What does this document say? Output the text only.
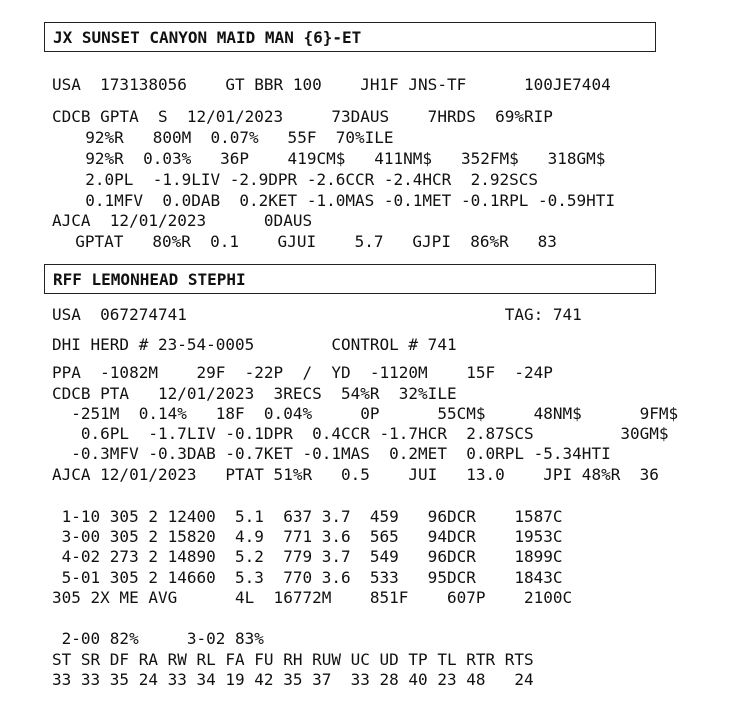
JX SUNSET CANYON MAID MAN {6}-ET
USA  173138056    GT BBR 100    JH1F JNS-TF      100JE7404
CDCB GPTA  S  12/01/2023     73DAUS    7HRDS  69%RIP
92%R   800M  0.07%   55F  70%ILE
92%R  0.03%   36P    419CM$   411NM$   352FM$   318GM$
2.0PL  -1.9LIV -2.9DPR -2.6CCR -2.4HCR  2.92SCS
0.1MFV  0.0DAB  0.2KET -1.0MAS -0.1MET -0.1RPL -0.59HTI
AJCA  12/01/2023      0DAUS
GPTAT   80%R  0.1    GJUI    5.7   GJPI  86%R   83
RFF LEMONHEAD STEPHI
USA  067274741                                 TAG: 741
DHI HERD # 23-54-0005        CONTROL # 741
PPA  -1082M    29F  -22P  /  YD  -1120M    15F  -24P
CDCB PTA   12/01/2023  3RECS  54%R  32%ILE
-251M  0.14%   18F  0.04%     0P      55CM$     48NM$      9FM$
0.6PL  -1.7LIV -0.1DPR  0.4CCR -1.7HCR  2.87SCS         30GM$
-0.3MFV -0.3DAB -0.7KET -0.1MAS  0.2MET  0.0RPL -5.34HTI
AJCA 12/01/2023   PTAT 51%R   0.5    JUI   13.0    JPI 48%R  36
1-10 305 2 12400  5.1  637 3.7  459   96DCR    1587C
3-00 305 2 15820  4.9  771 3.6  565   94DCR    1953C
4-02 273 2 14890  5.2  779 3.7  549   96DCR    1899C
5-01 305 2 14660  5.3  770 3.6  533   95DCR    1843C
305 2X ME AVG      4L  16772M    851F    607P    2100C
2-00 82%     3-02 83%
ST SR DF RA RW RL FA FU RH RUW UC UD TP TL RTR RTS
33 33 35 24 33 34 19 42 35 37  33 28 40 23 48   24
